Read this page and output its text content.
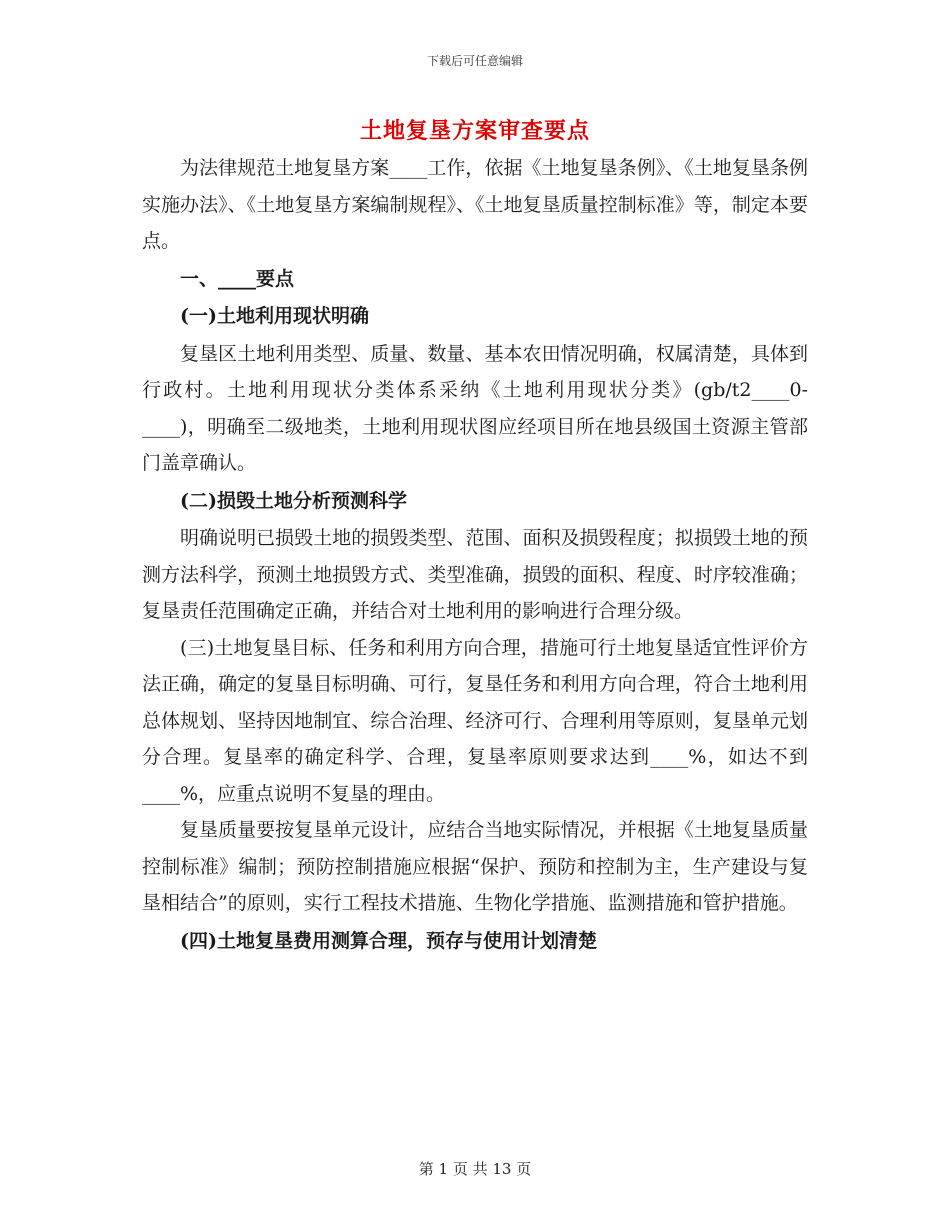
下载后可任意编辑
土地复垦方案审查要点

为法律规范土地复垦方案____工作，依据《土地复垦条例》、《土地复垦条例实施办法》、《土地复垦方案编制规程》、《土地复垦质量控制标准》等，制定本要点。

一、____要点

(一)土地利用现状明确

复垦区土地利用类型、质量、数量、基本农田情况明确，权属清楚，具体到行政村。土地利用现状分类体系采纳《土地利用现状分类》(gb/t2____0-____)，明确至二级地类，土地利用现状图应经项目所在地县级国土资源主管部门盖章确认。

(二)损毁土地分析预测科学

明确说明已损毁土地的损毁类型、范围、面积及损毁程度；拟损毁土地的预测方法科学，预测土地损毁方式、类型准确，损毁的面积、程度、时序较准确；复垦责任范围确定正确，并结合对土地利用的影响进行合理分级。

(三)土地复垦目标、任务和利用方向合理，措施可行土地复垦适宜性评价方法正确，确定的复垦目标明确、可行，复垦任务和利用方向合理，符合土地利用总体规划、坚持因地制宜、综合治理、经济可行、合理利用等原则，复垦单元划分合理。复垦率的确定科学、合理，复垦率原则要求达到____%，如达不到____%，应重点说明不复垦的理由。

复垦质量要按复垦单元设计，应结合当地实际情况，并根据《土地复垦质量控制标准》编制；预防控制措施应根据“保护、预防和控制为主，生产建设与复垦相结合”的原则，实行工程技术措施、生物化学措施、监测措施和管护措施。

(四)土地复垦费用测算合理，预存与使用计划清楚

第 1 页 共 13 页
